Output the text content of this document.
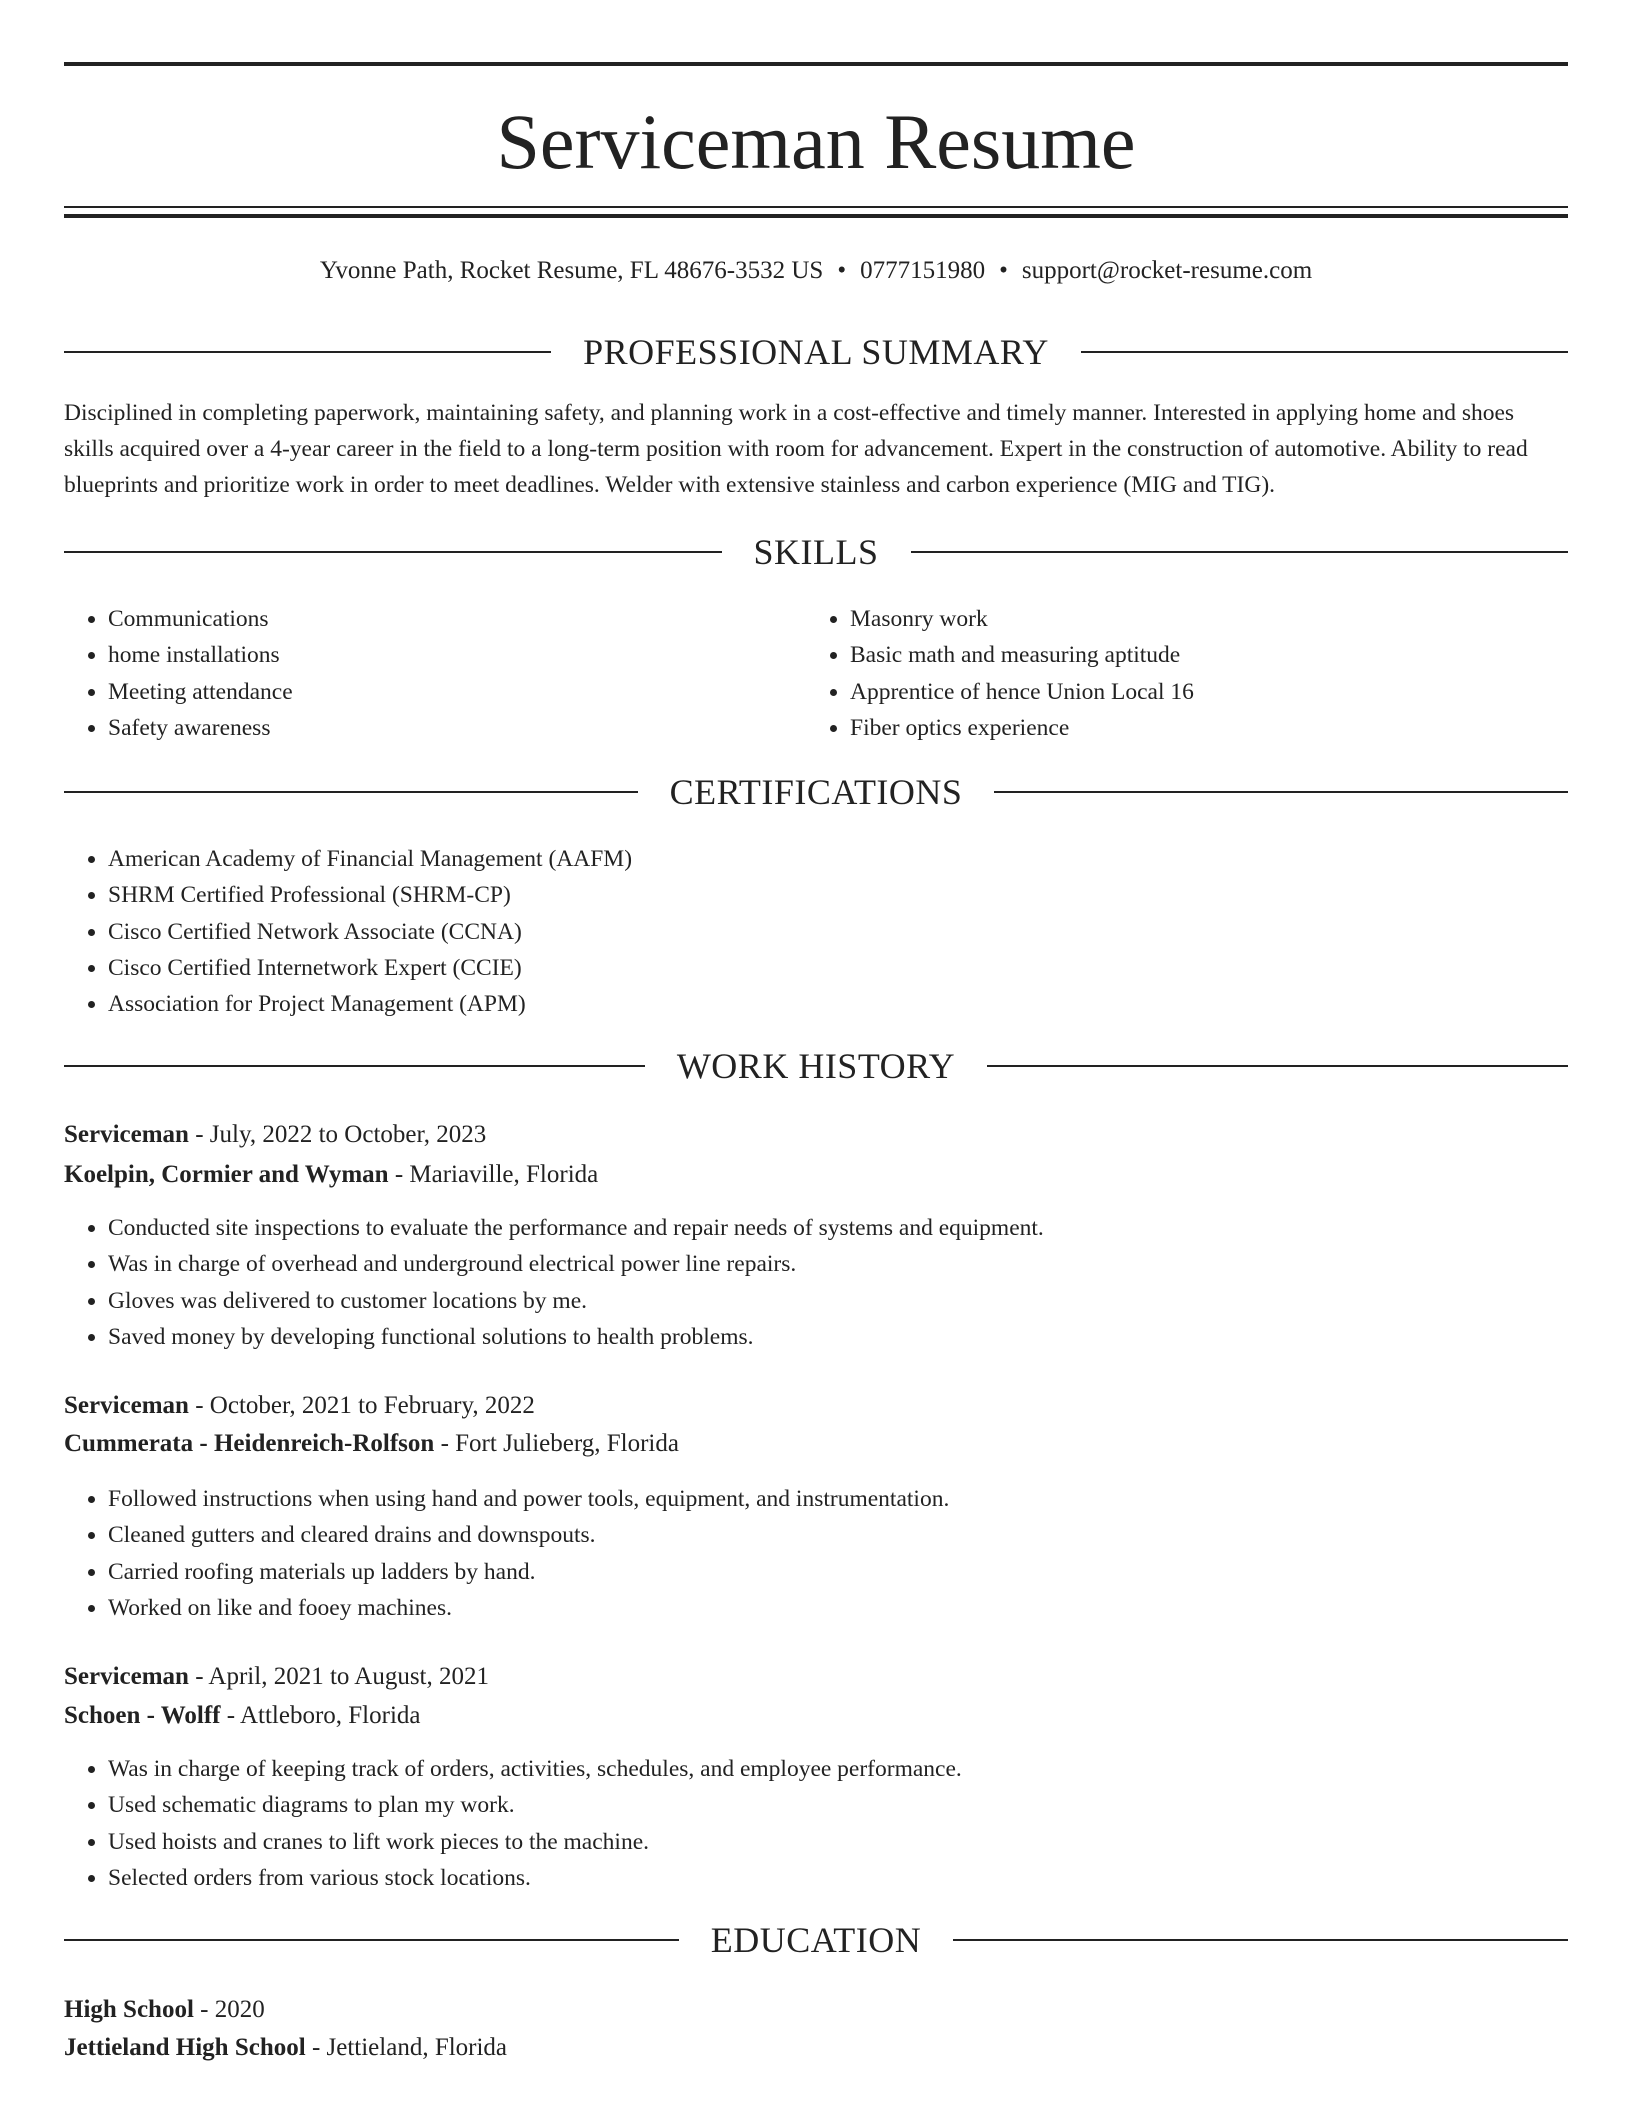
Serviceman Resume
Yvonne Path, Rocket Resume, FL 48676-3532 US • 0777151980 • support@rocket-resume.com
PROFESSIONAL SUMMARY
Disciplined in completing paperwork, maintaining safety, and planning work in a cost-effective and timely manner. Interested in applying home and shoes skills acquired over a 4-year career in the field to a long-term position with room for advancement. Expert in the construction of automotive. Ability to read blueprints and prioritize work in order to meet deadlines. Welder with extensive stainless and carbon experience (MIG and TIG).
SKILLS
• Communications
• home installations
• Meeting attendance
• Safety awareness
• Masonry work
• Basic math and measuring aptitude
• Apprentice of hence Union Local 16
• Fiber optics experience
CERTIFICATIONS
• American Academy of Financial Management (AAFM)
• SHRM Certified Professional (SHRM-CP)
• Cisco Certified Network Associate (CCNA)
• Cisco Certified Internetwork Expert (CCIE)
• Association for Project Management (APM)
WORK HISTORY
Serviceman - July, 2022 to October, 2023
Koelpin, Cormier and Wyman - Mariaville, Florida
• Conducted site inspections to evaluate the performance and repair needs of systems and equipment.
• Was in charge of overhead and underground electrical power line repairs.
• Gloves was delivered to customer locations by me.
• Saved money by developing functional solutions to health problems.
Serviceman - October, 2021 to February, 2022
Cummerata - Heidenreich-Rolfson - Fort Julieberg, Florida
• Followed instructions when using hand and power tools, equipment, and instrumentation.
• Cleaned gutters and cleared drains and downspouts.
• Carried roofing materials up ladders by hand.
• Worked on like and fooey machines.
Serviceman - April, 2021 to August, 2021
Schoen - Wolff - Attleboro, Florida
• Was in charge of keeping track of orders, activities, schedules, and employee performance.
• Used schematic diagrams to plan my work.
• Used hoists and cranes to lift work pieces to the machine.
• Selected orders from various stock locations.
EDUCATION
High School - 2020
Jettieland High School - Jettieland, Florida
